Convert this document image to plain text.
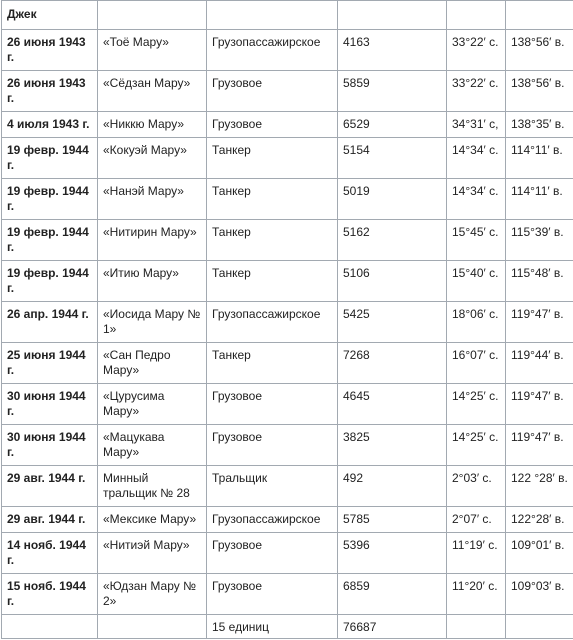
Джек					
26 июня 1943 г.	«Тоё Мару»	Грузопассажирское	4163	33°22′ с.	138°56′ в.
26 июня 1943 г.	«Сёдзан Мару»	Грузовое	5859	33°22′ с.	138°56′ в.
4 июля 1943 г.	«Никкю Мару»	Грузовое	6529	34°31′ с,	138°35′ в.
19 февр. 1944 г.	«Кокуэй Мару»	Танкер	5154	14°34′ с.	114°11′ в.
19 февр. 1944 г.	«Нанэй Мару»	Танкер	5019	14°34′ с.	114°11′ в.
19 февр. 1944 г.	«Нитирин Мару»	Танкер	5162	15°45′ с.	115°39′ в.
19 февр. 1944 г.	«Итию Мару»	Танкер	5106	15°40′ с.	115°48′ в.
26 апр. 1944 г.	«Иосида Мару № 1»	Грузопассажирское	5425	18°06′ с.	119°47′ в.
25 июня 1944 г.	«Сан Педро Мару»	Танкер	7268	16°07′ с.	119°44′ в.
30 июня 1944 г.	«Цурусима Мару»	Грузовое	4645	14°25′ с.	119°47′ в.
30 июня 1944 г.	«Мацукава Мару»	Грузовое	3825	14°25′ с.	119°47′ в.
29 авг. 1944 г.	Минный тральщик № 28	Тральщик	492	2°03′ с.	122 °28′ в.
29 авг. 1944 г.	«Мексике Мару»	Грузопассажирское	5785	2°07′ с.	122°28′ в.
14 нояб. 1944 г.	«Нитиэй Мару»	Грузовое	5396	11°19′ с.	109°01′ в.
15 нояб. 1944 г.	«Юдзан Мару № 2»	Грузовое	6859	11°20′ с.	109°03′ в.
		15 единиц	76687		
